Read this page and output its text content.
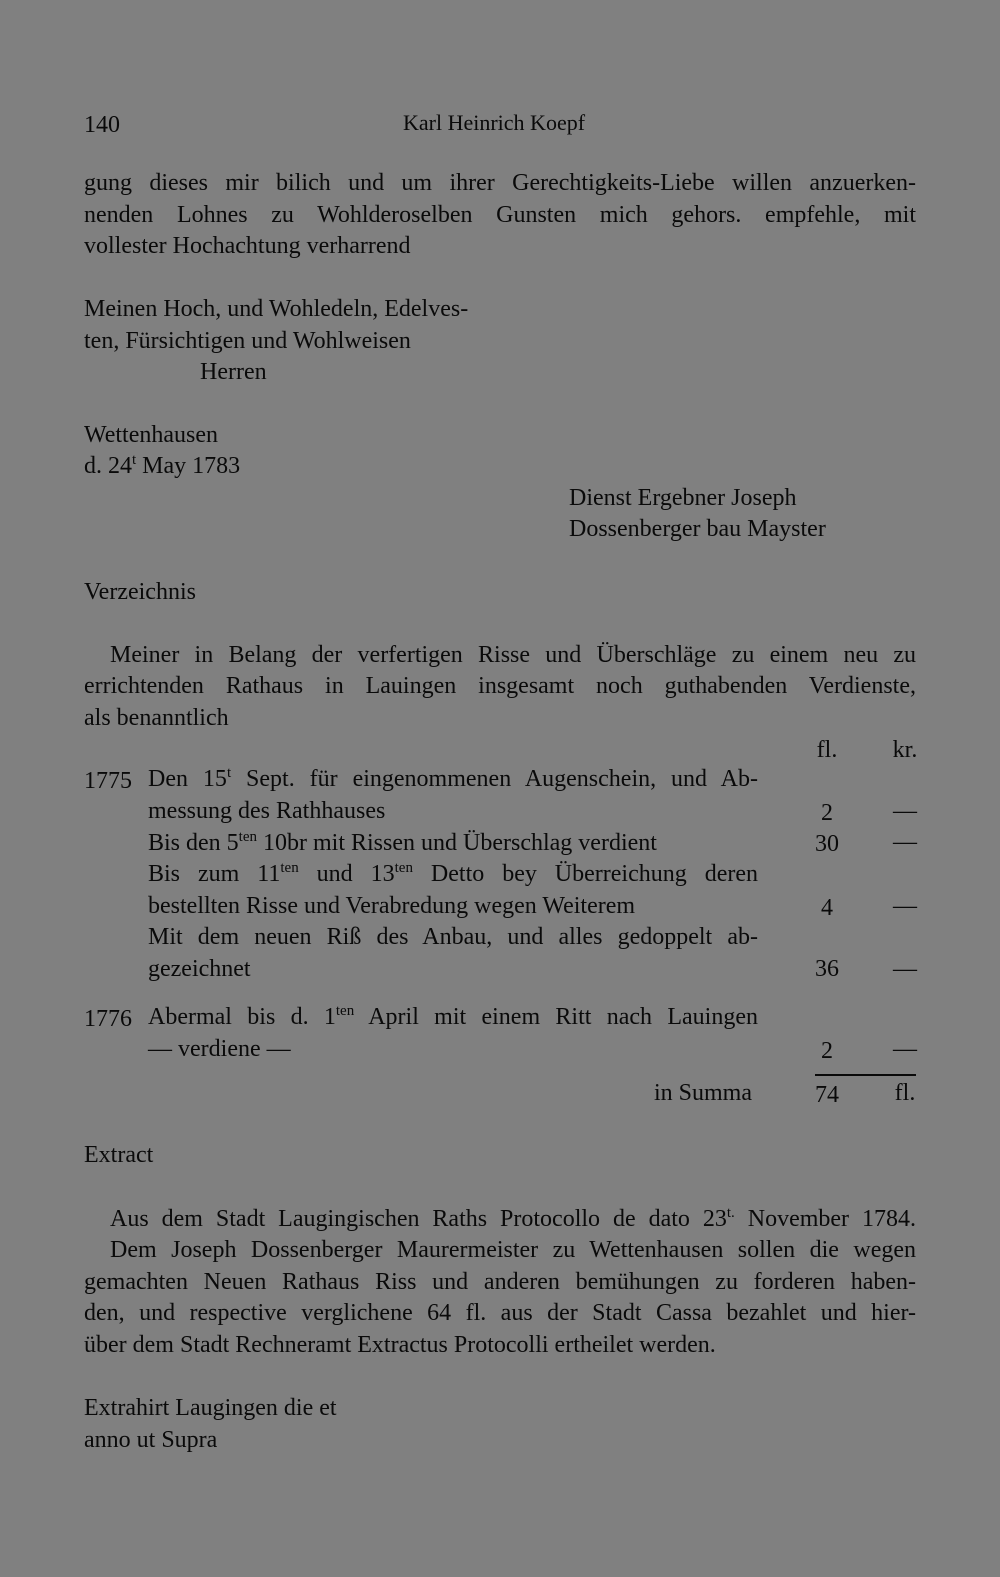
140	Karl Heinrich Koepf
gung dieses mir bilich und um ihrer Gerechtigkeits-Liebe willen anzuerken-
nenden Lohnes zu Wohlderoselben Gunsten mich gehors. empfehle, mit
vollester Hochachtung verharrend
Meinen Hoch, und Wohledeln, Edelves-
ten, Fürsichtigen und Wohlweisen
Herren
Wettenhausen
d. 24$^t$ May 1783
Dienst Ergebner Joseph
Dossenberger bau Mayster
Verzeichnis
Meiner in Belang der verfertigen Risse und Überschläge zu einem neu zu
errichtenden Rathaus in Lauingen insgesamt noch guthabenden Verdienste,
als benanntlich
fl.	kr.
1775 Den 15$^t$ Sept. für eingenommenen Augenschein, und Ab-
messung des Rathhauses	2	—
Bis den $5^{ten}$ 10br mit Rissen und Überschlag verdient	30	—
Bis zum $11^{ten}$ und $13^{ten}$ Detto bey Überreichung deren
bestellten Risse und Verabredung wegen Weiterem	4	—
Mit dem neuen Riß des Anbau, und alles gedoppelt ab-
gezeichnet	36	—
1776 Abermal bis d. $1^{ten}$ April mit einem Ritt nach Lauingen
— verdiene —	2	—
in Summa	74	fl.
Extract
Aus dem Stadt Laugingischen Raths Protocollo de dato $23^{t.}$ November 1784.
Dem Joseph Dossenberger Maurermeister zu Wettenhausen sollen die wegen
gemachten Neuen Rathaus Riss und anderen bemühungen zu forderen haben-
den, und respective verglichene 64 fl. aus der Stadt Cassa bezahlet und hier-
über dem Stadt Rechneramt Extractus Protocolli ertheilet werden.
Extrahirt Laugingen die et
anno ut Supra
